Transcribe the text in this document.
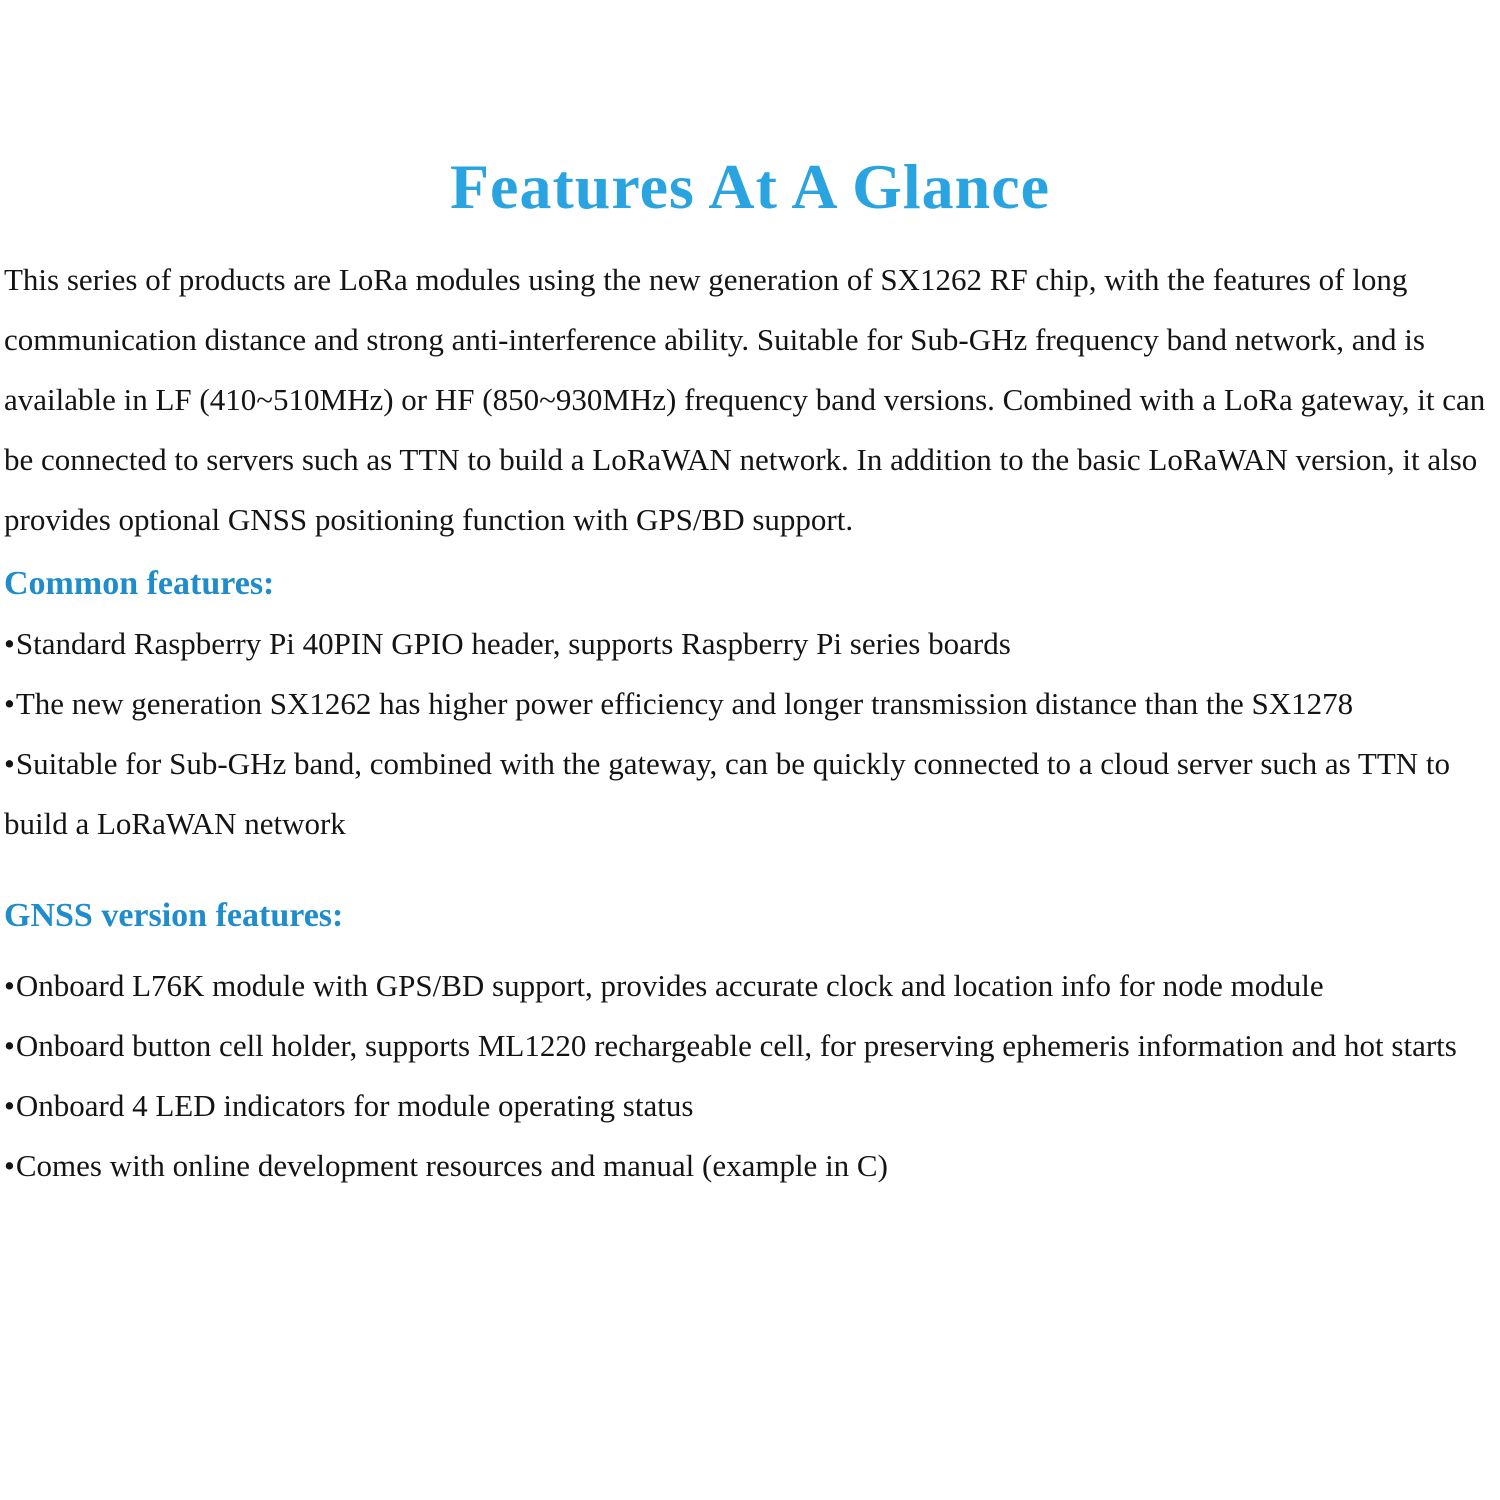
Features At A Glance

This series of products are LoRa modules using the new generation of SX1262 RF chip, with the features of long communication distance and strong anti-interference ability. Suitable for Sub-GHz frequency band network, and is available in LF (410~510MHz) or HF (850~930MHz) frequency band versions. Combined with a LoRa gateway, it can be connected to servers such as TTN to build a LoRaWAN network. In addition to the basic LoRaWAN version, it also provides optional GNSS positioning function with GPS/BD support.

Common features:
•Standard Raspberry Pi 40PIN GPIO header, supports Raspberry Pi series boards
•The new generation SX1262 has higher power efficiency and longer transmission distance than the SX1278
•Suitable for Sub-GHz band, combined with the gateway, can be quickly connected to a cloud server such as TTN to build a LoRaWAN network
GNSS version features:
•Onboard L76K module with GPS/BD support, provides accurate clock and location info for node module
•Onboard button cell holder, supports ML1220 rechargeable cell, for preserving ephemeris information and hot starts
•Onboard 4 LED indicators for module operating status
•Comes with online development resources and manual (example in C)
